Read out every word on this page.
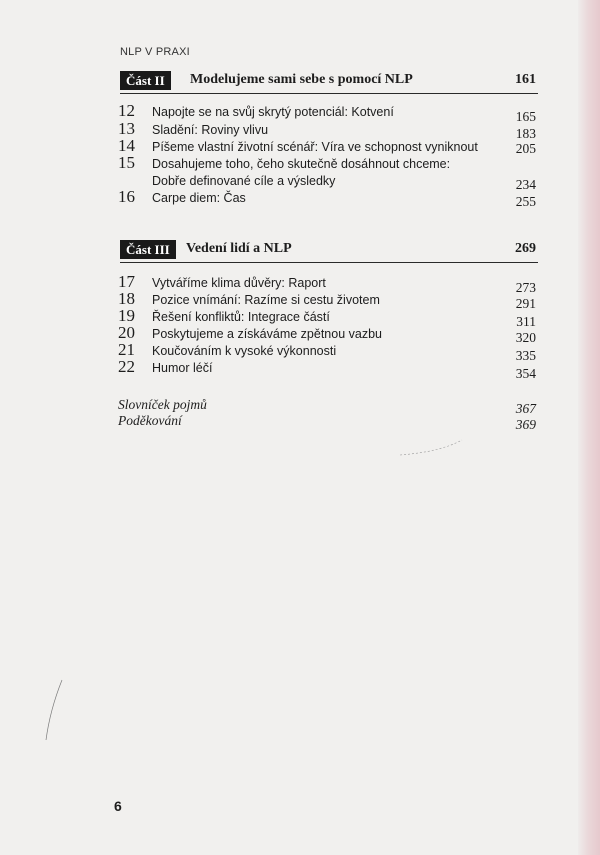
NLP V PRAXI
Část II	Modelujeme sami sebe s pomocí NLP	161
12	Napojte se na svůj skrytý potenciál: Kotvení	165
13	Sladění: Roviny vlivu	183
14	Píšeme vlastní životní scénář: Víra ve schopnost vyniknout	205
15	Dosahujeme toho, čeho skutečně dosáhnout chceme:
Dobře definované cíle a výsledky	234
16	Carpe diem: Čas	255
Část III	Vedení lidí a NLP	269
17	Vytváříme klima důvěry: Raport	273
18	Pozice vnímání: Razíme si cestu životem	291
19	Řešení konfliktů: Integrace částí	311
20	Poskytujeme a získáváme zpětnou vazbu	320
21	Koučováním k vysoké výkonnosti	335
22	Humor léčí	354
Slovníček pojmů	367
Poděkování	369
6
